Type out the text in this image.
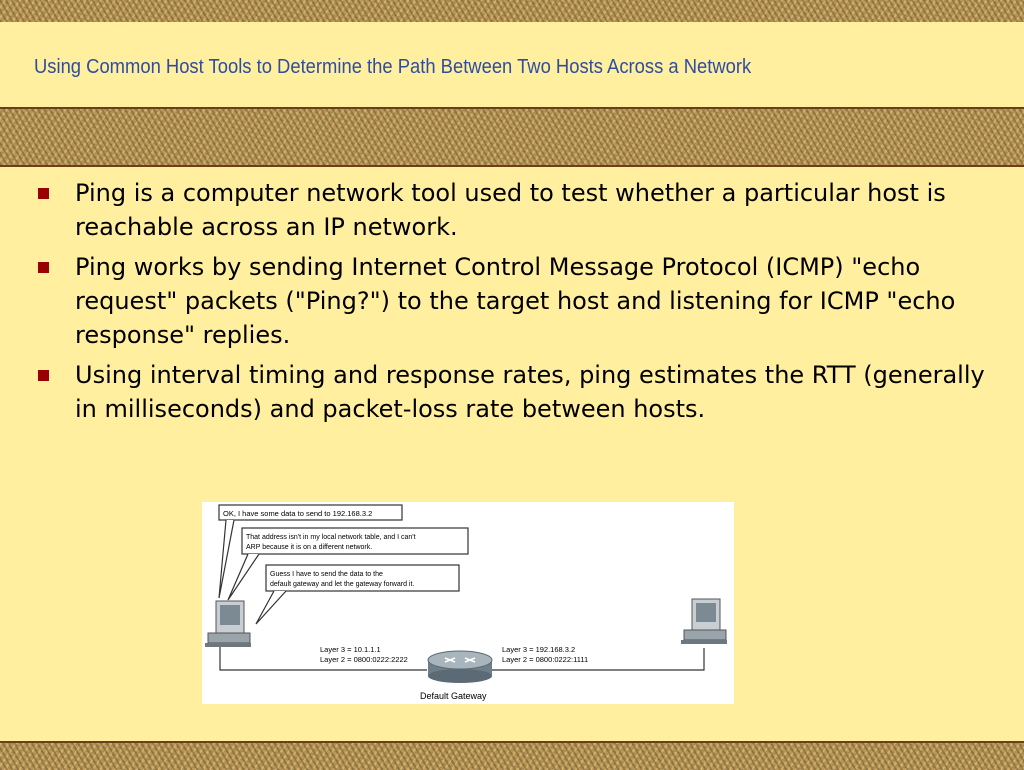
Using Common Host Tools to Determine the Path Between Two Hosts Across a Network
Ping is a computer network tool used to test whether a particular host is reachable across an IP network.
Ping works by sending Internet Control Message Protocol (ICMP) "echo request" packets ("Ping?") to the target host and listening for ICMP "echo response" replies.
Using interval timing and response rates, ping estimates the RTT (generally in milliseconds) and packet-loss rate between hosts.
OK, I have some data to send to 192.168.3.2
That address isn't in my local network table, and I can't
ARP because it is on a different network.
Guess I have to send the data to the
default gateway and let the gateway forward it.
Layer 3 = 10.1.1.1
Layer 2 = 0800:0222:2222
Layer 3 = 192.168.3.2
Layer 2 = 0800:0222:1111
Default Gateway
